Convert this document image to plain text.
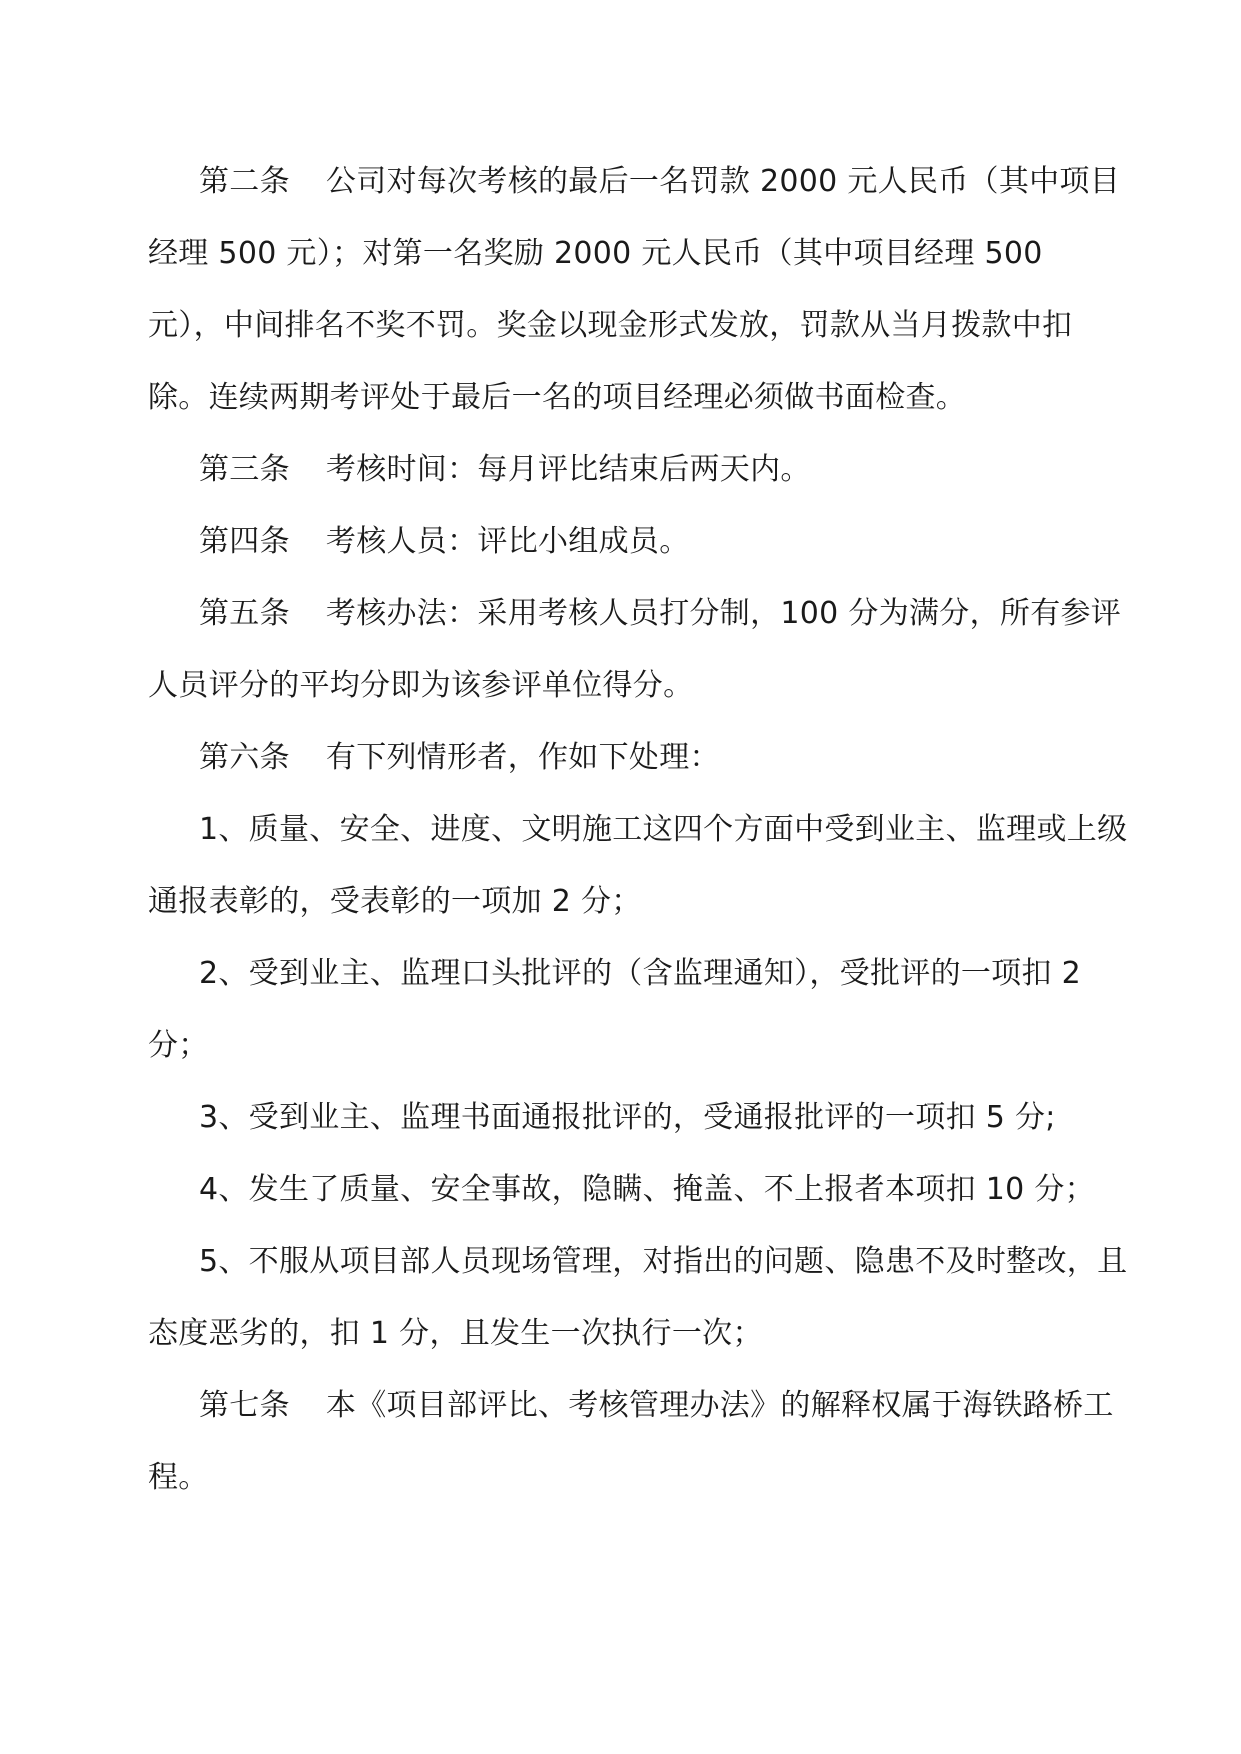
第二条 公司对每次考核的最后一名罚款 2000 元人民币（其中项目经理 500 元）；对第一名奖励 2000 元人民币（其中项目经理 500 元），中间排名不奖不罚。奖金以现金形式发放，罚款从当月拨款中扣除。连续两期考评处于最后一名的项目经理必须做书面检查。

第三条 考核时间：每月评比结束后两天内。

第四条 考核人员：评比小组成员。

第五条 考核办法：采用考核人员打分制，100 分为满分，所有参评人员评分的平均分即为该参评单位得分。

第六条 有下列情形者，作如下处理：

1、质量、安全、进度、文明施工这四个方面中受到业主、监理或上级通报表彰的，受表彰的一项加 2 分；

2、受到业主、监理口头批评的（含监理通知），受批评的一项扣 2 分；

3、受到业主、监理书面通报批评的，受通报批评的一项扣 5 分;

4、发生了质量、安全事故，隐瞒、掩盖、不上报者本项扣 10 分；

5、不服从项目部人员现场管理，对指出的问题、隐患不及时整改，且态度恶劣的，扣 1 分，且发生一次执行一次；

第七条 本《项目部评比、考核管理办法》的解释权属于海铁路桥工程。
